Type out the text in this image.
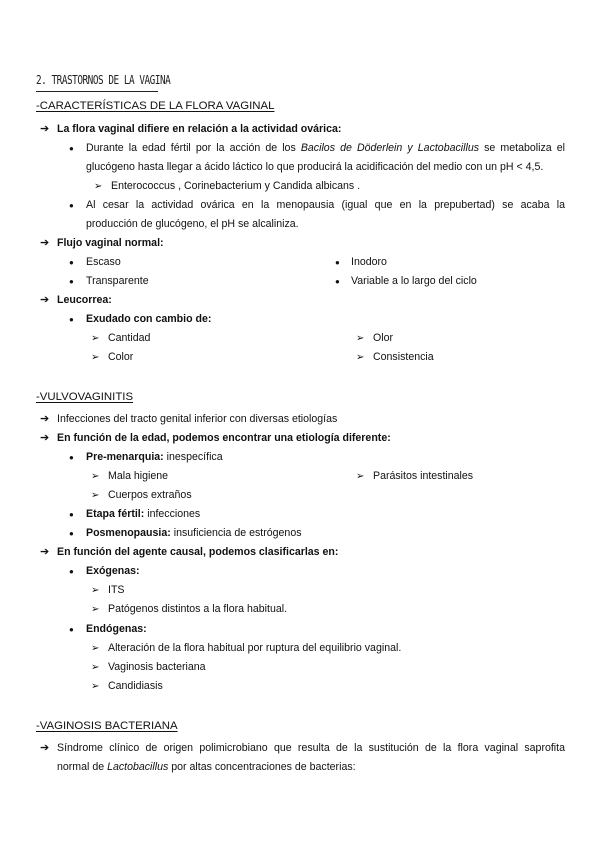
2. TRASTORNOS DE LA VAGINA
-CARACTERÍSTICAS DE LA FLORA VAGINAL
➔ La flora vaginal difiere en relación a la actividad ovárica:
● Durante la edad fértil por la acción de los Bacilos de Döderlein y Lactobacillus se metaboliza el
glucógeno hasta llegar a ácido láctico lo que producirá la acidificación del medio con un pH < 4,5.
➢ Enterococcus , Corinebacterium y Candida albicans .
● Al cesar la actividad ovárica en la menopausia (igual que en la prepubertad) se acaba la
producción de glucógeno, el pH se alcaliniza.
➔ Flujo vaginal normal:
● Escaso	● Inodoro
● Transparente	● Variable a lo largo del ciclo
➔ Leucorrea:
● Exudado con cambio de:
➢ Cantidad	➢ Olor
➢ Color	➢ Consistencia
-VULVOVAGINITIS
➔ Infecciones del tracto genital inferior con diversas etiologías
➔ En función de la edad, podemos encontrar una etiología diferente:
● Pre-menarquia: inespecífica
➢ Mala higiene	➢ Parásitos intestinales
➢ Cuerpos extraños
● Etapa fértil: infecciones
● Posmenopausia: insuficiencia de estrógenos
➔ En función del agente causal, podemos clasificarlas en:
● Exógenas:
➢ ITS
➢ Patógenos distintos a la flora habitual.
● Endógenas:
➢ Alteración de la flora habitual por ruptura del equilibrio vaginal.
➢ Vaginosis bacteriana
➢ Candidiasis
-VAGINOSIS BACTERIANA
➔ Síndrome clínico de origen polimicrobiano que resulta de la sustitución de la flora vaginal saprofita
normal de Lactobacillus por altas concentraciones de bacterias:
